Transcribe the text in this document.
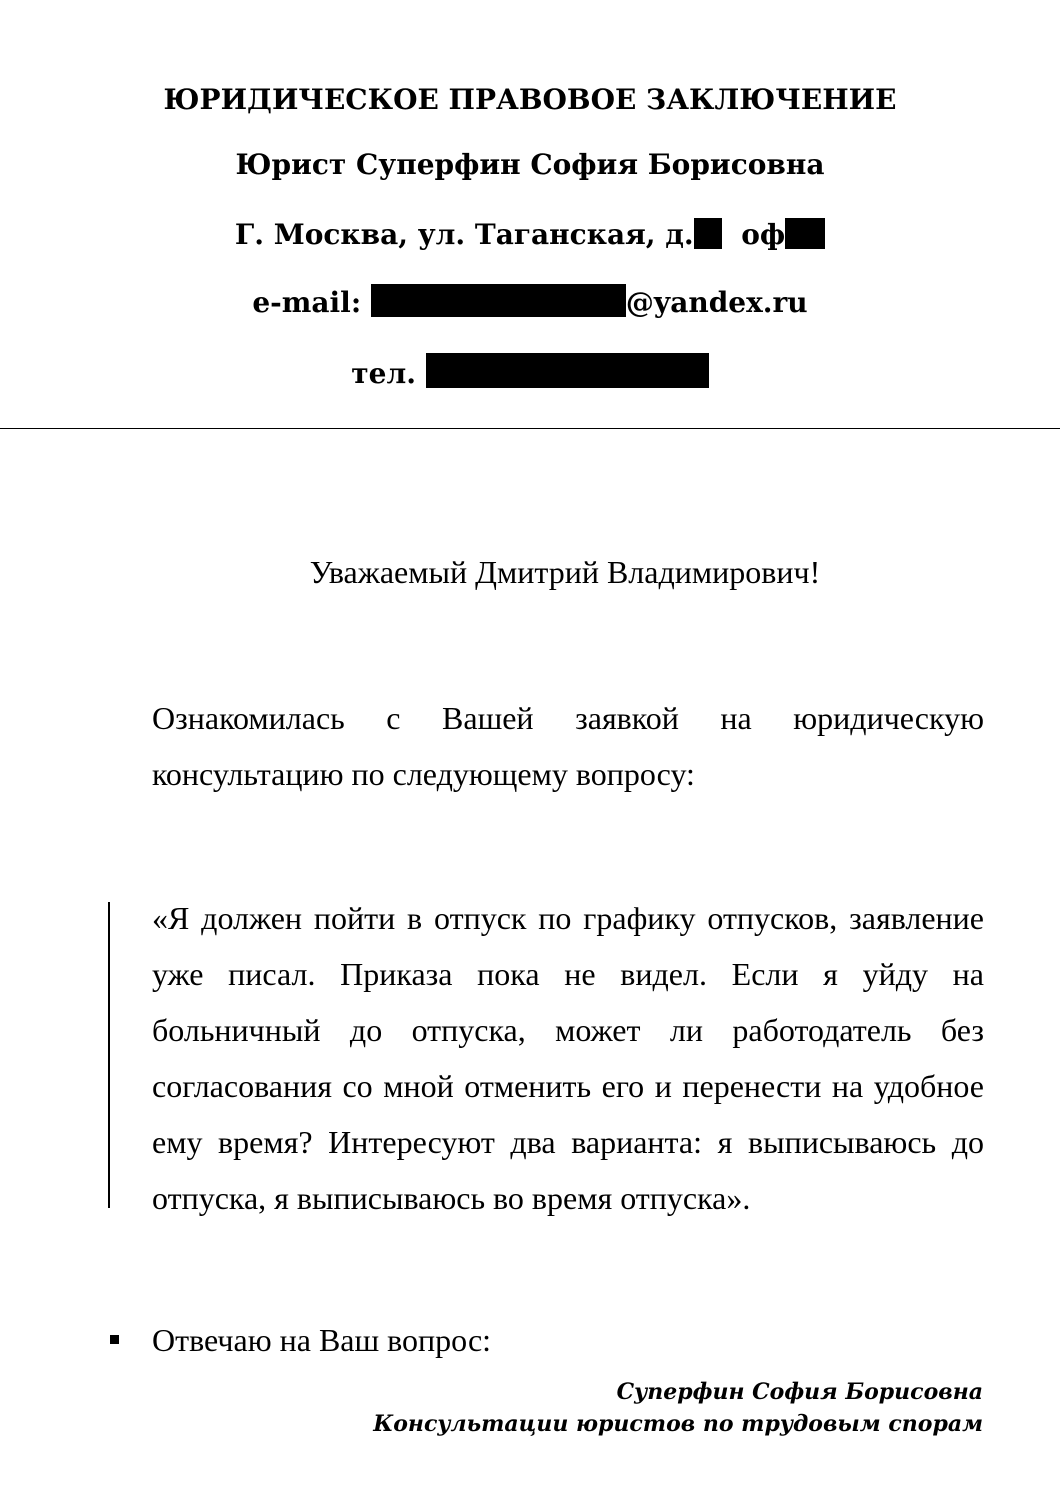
ЮРИДИЧЕСКОЕ ПРАВОВОЕ ЗАКЛЮЧЕНИЕ
Юрист Суперфин София Борисовна
Г. Москва, ул. Таганская, д. оф
e-mail:	@yandex.ru
тел.
Уважаемый Дмитрий Владимирович!
Ознакомилась с Вашей заявкой на юридическую консультацию по следующему вопросу:
«Я должен пойти в отпуск по графику отпусков, заявление уже писал. Приказа пока не видел. Если я уйду на больничный до отпуска, может ли работодатель без согласования со мной отменить его и перенести на удобное ему время? Интересуют два варианта: я выписываюсь до отпуска, я выписываюсь во время отпуска».
Отвечаю на Ваш вопрос:
Суперфин София Борисовна
Консультации юристов по трудовым спорам
